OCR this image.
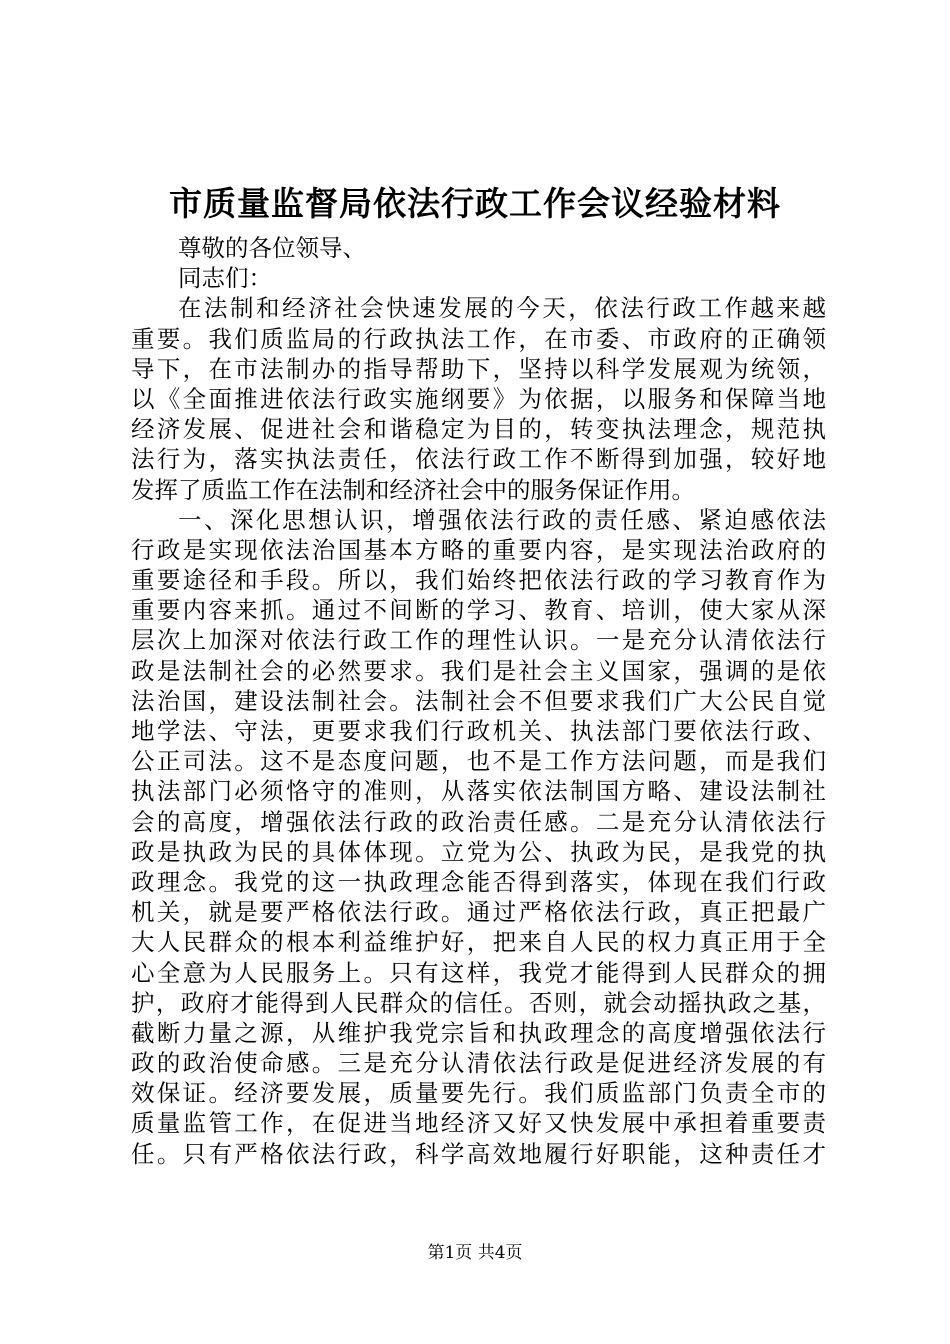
市质量监督局依法行政工作会议经验材料
尊敬的各位领导、
同志们：
在法制和经济社会快速发展的今天，依法行政工作越来越
重要。我们质监局的行政执法工作，在市委、市政府的正确领
导下，在市法制办的指导帮助下，坚持以科学发展观为统领，
以《全面推进依法行政实施纲要》为依据，以服务和保障当地
经济发展、促进社会和谐稳定为目的，转变执法理念，规范执
法行为，落实执法责任，依法行政工作不断得到加强，较好地
发挥了质监工作在法制和经济社会中的服务保证作用。
一、深化思想认识，增强依法行政的责任感、紧迫感依法
行政是实现依法治国基本方略的重要内容，是实现法治政府的
重要途径和手段。所以，我们始终把依法行政的学习教育作为
重要内容来抓。通过不间断的学习、教育、培训，使大家从深
层次上加深对依法行政工作的理性认识。一是充分认清依法行
政是法制社会的必然要求。我们是社会主义国家，强调的是依
法治国，建设法制社会。法制社会不但要求我们广大公民自觉
地学法、守法，更要求我们行政机关、执法部门要依法行政、
公正司法。这不是态度问题，也不是工作方法问题，而是我们
执法部门必须恪守的准则，从落实依法制国方略、建设法制社
会的高度，增强依法行政的政治责任感。二是充分认清依法行
政是执政为民的具体体现。立党为公、执政为民，是我党的执
政理念。我党的这一执政理念能否得到落实，体现在我们行政
机关，就是要严格依法行政。通过严格依法行政，真正把最广
大人民群众的根本利益维护好，把来自人民的权力真正用于全
心全意为人民服务上。只有这样，我党才能得到人民群众的拥
护，政府才能得到人民群众的信任。否则，就会动摇执政之基，
截断力量之源，从维护我党宗旨和执政理念的高度增强依法行
政的政治使命感。三是充分认清依法行政是促进经济发展的有
效保证。经济要发展，质量要先行。我们质监部门负责全市的
质量监管工作，在促进当地经济又好又快发展中承担着重要责
任。只有严格依法行政，科学高效地履行好职能，这种责任才
第1页 共4页
